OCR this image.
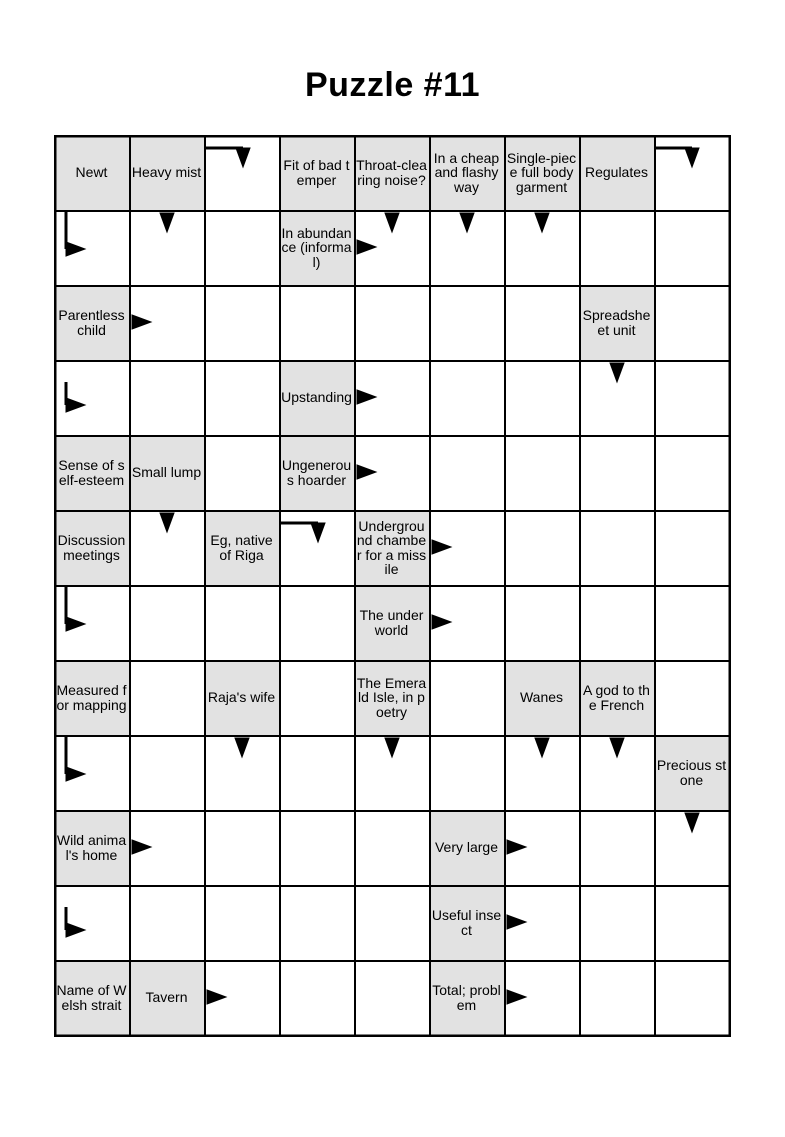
Puzzle #11
Newt Heavy mist	Fit of bad temper
Throat-clearing noise?
In a cheap and flashy way
Single-piece full body garment
Regulates
In abundance (informal)
Parentless child
Spreadsheet unit
Upstanding
Sense of self-esteem Small lump	Ungenerous hoarder
Discussion meetings
Eg, native of Riga
Underground chamber for a missile
The underworld
Measured for mapping	Raja's wife
The Emerald Isle, in poetry
Wanes A god to the French
Precious stone
Wild animal's home	Very large
Useful insect
Name of Welsh strait	Tavern	Total; problem
